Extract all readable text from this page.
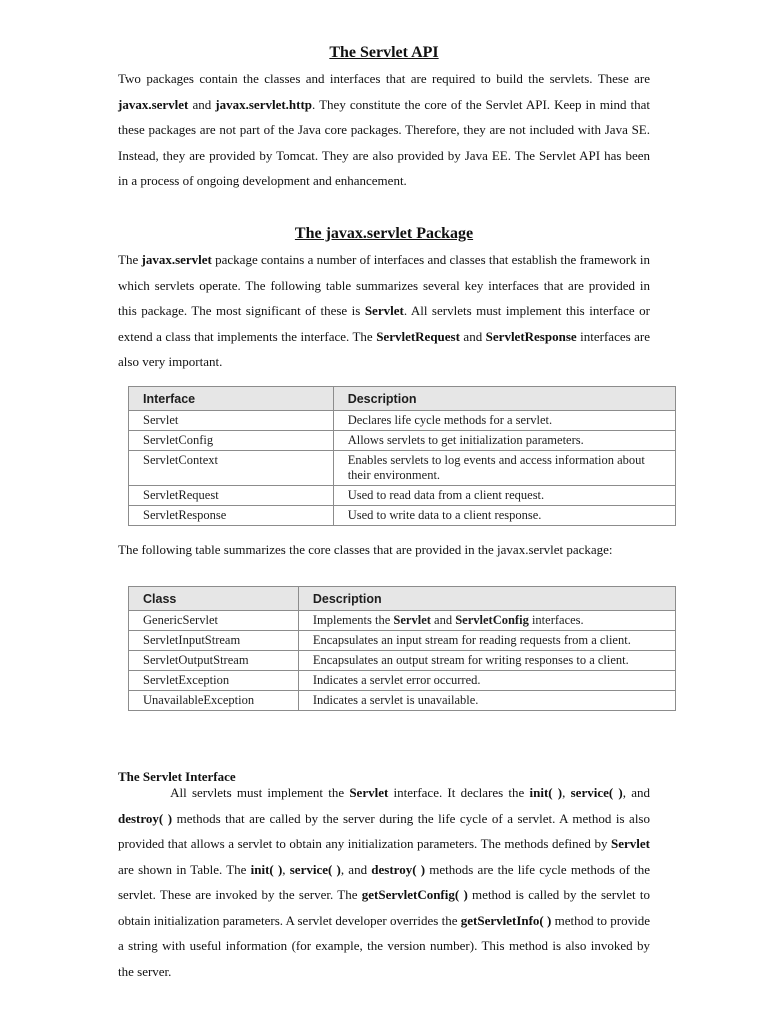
The Servlet API
Two packages contain the classes and interfaces that are required to build the servlets. These are javax.servlet and javax.servlet.http. They constitute the core of the Servlet API. Keep in mind that these packages are not part of the Java core packages. Therefore, they are not included with Java SE. Instead, they are provided by Tomcat. They are also provided by Java EE. The Servlet API has been in a process of ongoing development and enhancement.
The javax.servlet Package
The javax.servlet package contains a number of interfaces and classes that establish the framework in which servlets operate. The following table summarizes several key interfaces that are provided in this package. The most significant of these is Servlet. All servlets must implement this interface or extend a class that implements the interface. The ServletRequest and ServletResponse interfaces are also very important.
Interface	Description
Servlet	Declares life cycle methods for a servlet.
ServletConfig	Allows servlets to get initialization parameters.
ServletContext	Enables servlets to log events and access information about their environment.
ServletRequest	Used to read data from a client request.
ServletResponse	Used to write data to a client response.
The following table summarizes the core classes that are provided in the javax.servlet package:
Class	Description
GenericServlet	Implements the Servlet and ServletConfig interfaces.
ServletInputStream	Encapsulates an input stream for reading requests from a client.
ServletOutputStream	Encapsulates an output stream for writing responses to a client.
ServletException	Indicates a servlet error occurred.
UnavailableException	Indicates a servlet is unavailable.
The Servlet Interface
All servlets must implement the Servlet interface. It declares the init( ), service( ), and destroy( ) methods that are called by the server during the life cycle of a servlet. A method is also provided that allows a servlet to obtain any initialization parameters. The methods defined by Servlet are shown in Table. The init( ), service( ), and destroy( ) methods are the life cycle methods of the servlet. These are invoked by the server. The getServletConfig( ) method is called by the servlet to obtain initialization parameters. A servlet developer overrides the getServletInfo( ) method to provide a string with useful information (for example, the version number). This method is also invoked by the server.
